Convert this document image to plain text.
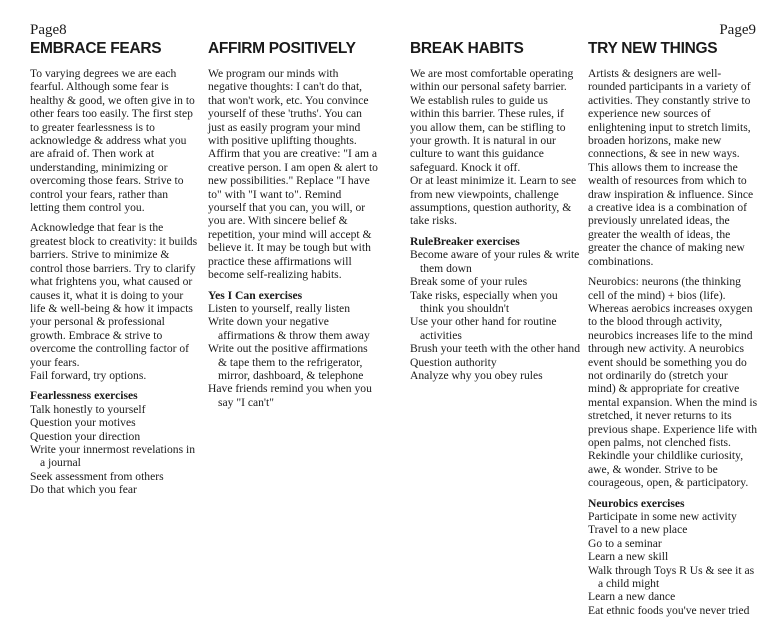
Page8	Page9
EMBRACE FEARS

To varying degrees we are each fearful. Although some fear is healthy & good, we often give in to other fears too easily. The first step to greater fearlessness is to acknowledge & address what you are afraid of. Then work at understanding, minimizing or overcoming those fears. Strive to control your fears, rather than letting them control you.

Acknowledge that fear is the greatest block to creativity: it builds barriers. Strive to minimize & control those barriers. Try to clarify what frightens you, what caused or causes it, what it is doing to your life & well-being & how it impacts your personal & professional growth. Embrace & strive to overcome the controlling factor of your fears.

Fail forward, try options.

Fearlessness exercises
Talk honestly to yourself
Question your motives
Question your direction
Write your innermost revelations in a journal
Seek assessment from others
Do that which you fear
AFFIRM POSITIVELY

We program our minds with negative thoughts: I can't do that, that won't work, etc. You convince yourself of these 'truths'. You can just as easily program your mind with positive uplifting thoughts. Affirm that you are creative: "I am a creative person. I am open & alert to new possibilities." Replace "I have to" with "I want to". Remind yourself that you can, you will, or you are. With sincere belief & repetition, your mind will accept & believe it. It may be tough but with practice these affirmations will become self-realizing habits.

Yes I Can exercises
Listen to yourself, really listen
Write down your negative affirmations & throw them away
Write out the positive affirmations & tape them to the refrigerator, mirror, dashboard, & telephone
Have friends remind you when you say "I can't"
BREAK HABITS

We are most comfortable operating within our personal safety barrier. We establish rules to guide us within this barrier. These rules, if you allow them, can be stifling to your growth. It is natural in our culture to want this guidance safeguard. Knock it off.

Or at least minimize it. Learn to see from new viewpoints, challenge assumptions, question authority, & take risks.

RuleBreaker exercises
Become aware of your rules & write them down
Break some of your rules
Take risks, especially when you think you shouldn't
Use your other hand for routine activities
Brush your teeth with the other hand
Question authority
Analyze why you obey rules
TRY NEW THINGS

Artists & designers are well-rounded participants in a variety of activities. They constantly strive to experience new sources of enlightening input to stretch limits, broaden horizons, make new connections, & see in new ways. This allows them to increase the wealth of resources from which to draw inspiration & influence. Since a creative idea is a combination of previously unrelated ideas, the greater the wealth of ideas, the greater the chance of making new combinations.

Neurobics: neurons (the thinking cell of the mind) + bios (life). Whereas aerobics increases oxygen to the blood through activity, neurobics increases life to the mind through new activity. A neurobics event should be something you do not ordinarily do (stretch your mind) & appropriate for creative mental expansion. When the mind is stretched, it never returns to its previous shape. Experience life with open palms, not clenched fists. Rekindle your childlike curiosity, awe, & wonder. Strive to be courageous, open, & participatory.

Neurobics exercises
Participate in some new activity
Travel to a new place
Go to a seminar
Learn a new skill
Walk through Toys R Us & see it as a child might
Learn a new dance
Eat ethnic foods you've never tried
